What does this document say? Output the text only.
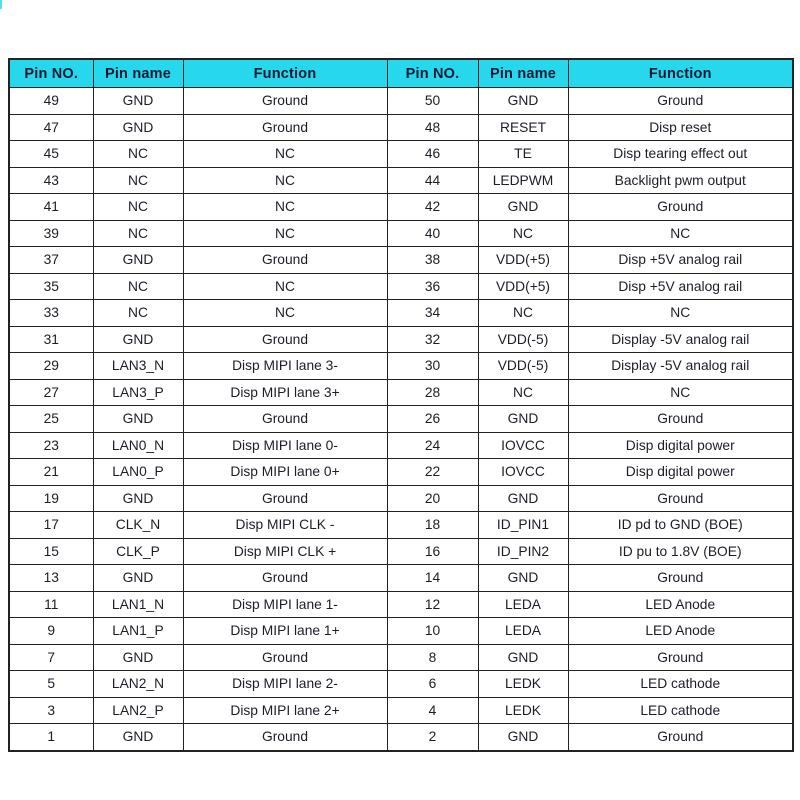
Pin NO.	Pin name	Function	Pin NO.	Pin name	Function
49	GND	Ground	50	GND	Ground
47	GND	Ground	48	RESET	Disp reset
45	NC	NC	46	TE	Disp tearing effect out
43	NC	NC	44	LEDPWM	Backlight pwm output
41	NC	NC	42	GND	Ground
39	NC	NC	40	NC	NC
37	GND	Ground	38	VDD(+5)	Disp +5V analog rail
35	NC	NC	36	VDD(+5)	Disp +5V analog rail
33	NC	NC	34	NC	NC
31	GND	Ground	32	VDD(-5)	Display -5V analog rail
29	LAN3_N	Disp MIPI lane 3-	30	VDD(-5)	Display -5V analog rail
27	LAN3_P	Disp MIPI lane 3+	28	NC	NC
25	GND	Ground	26	GND	Ground
23	LAN0_N	Disp MIPI lane 0-	24	IOVCC	Disp digital power
21	LAN0_P	Disp MIPI lane 0+	22	IOVCC	Disp digital power
19	GND	Ground	20	GND	Ground
17	CLK_N	Disp MIPI CLK -	18	ID_PIN1	ID pd to GND (BOE)
15	CLK_P	Disp MIPI CLK +	16	ID_PIN2	ID pu to 1.8V (BOE)
13	GND	Ground	14	GND	Ground
11	LAN1_N	Disp MIPI lane 1-	12	LEDA	LED Anode
9	LAN1_P	Disp MIPI lane 1+	10	LEDA	LED Anode
7	GND	Ground	8	GND	Ground
5	LAN2_N	Disp MIPI lane 2-	6	LEDK	LED cathode
3	LAN2_P	Disp MIPI lane 2+	4	LEDK	LED cathode
1	GND	Ground	2	GND	Ground
